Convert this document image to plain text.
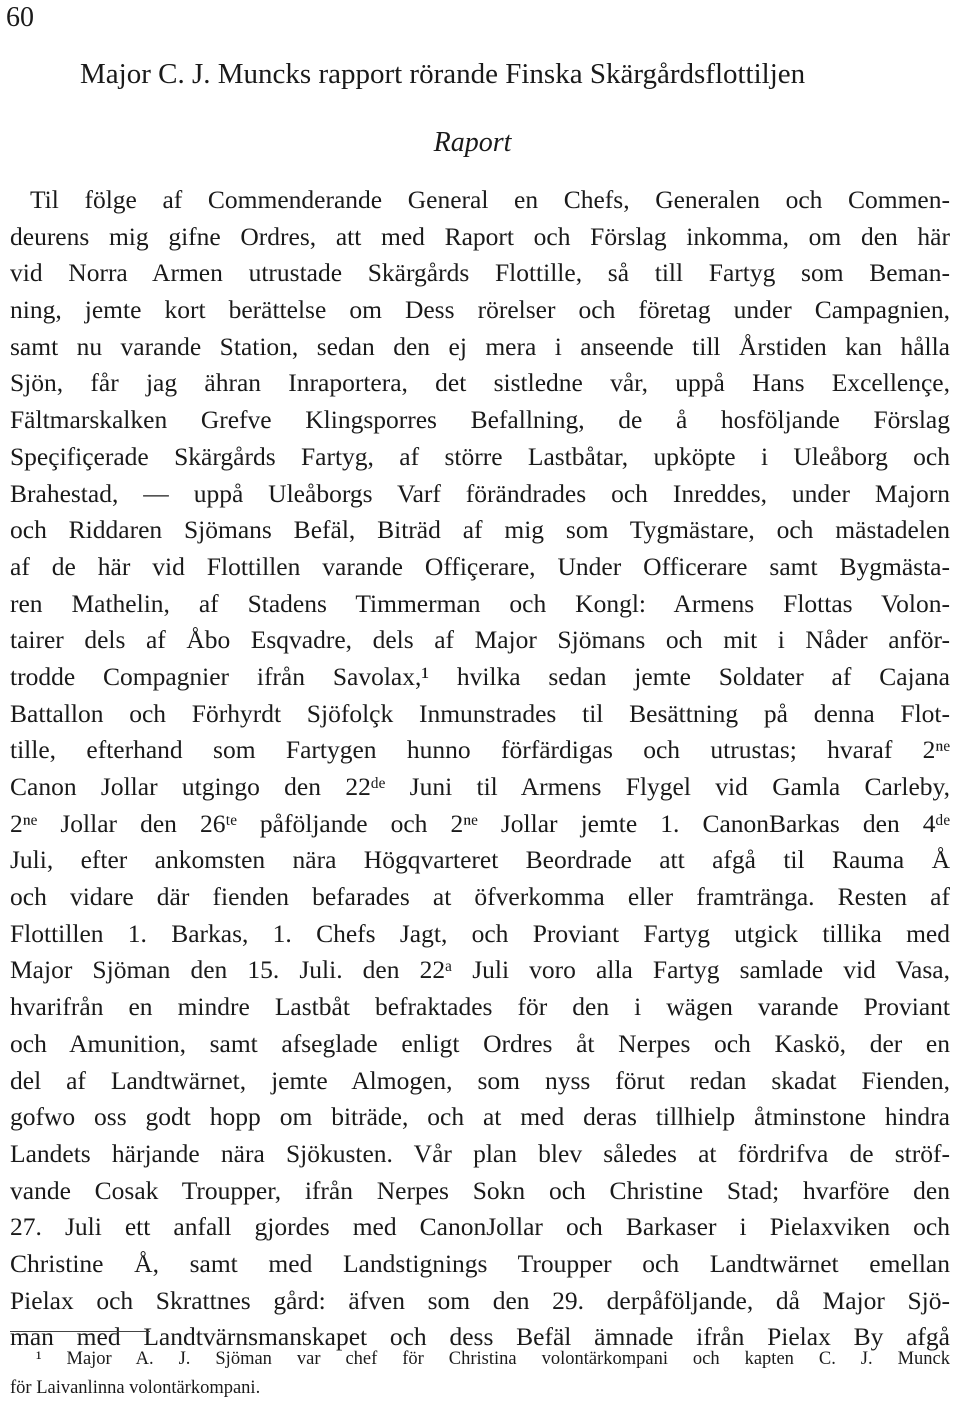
60
Major C. J. Muncks rapport rörande Finska Skärgårdsflottiljen
Raport
Til fölge af Commenderande General en Chefs, Generalen och Commen-
deurens mig gifne Ordres, att med Raport och Förslag inkomma, om den här
vid Norra Armen utrustade Skärgårds Flottille, så till Fartyg som Beman-
ning, jemte kort berättelse om Dess rörelser och företag under Campagnien,
samt nu varande Station, sedan den ej mera i anseende till Årstiden kan hålla
Sjön, får jag ähran Inraportera, det sistledne vår, uppå Hans Excellençe,
Fältmarskalken Grefve Klingsporres Befallning, de å hosföljande Förslag
Speçifiçerade Skärgårds Fartyg, af större Lastbåtar, upköpte i Uleåborg och
Brahestad, — uppå Uleåborgs Varf förändrades och Inreddes, under Majorn
och Riddaren Sjömans Befäl, Biträd af mig som Tygmästare, och mästadelen
af de här vid Flottillen varande Offiçerare, Under Officerare samt Bygmästa-
ren Mathelin, af Stadens Timmerman och Kongl: Armens Flottas Volon-
tairer dels af Åbo Esqvadre, dels af Major Sjömans och mit i Nåder anför-
trodde Compagnier ifrån Savolax,¹ hvilka sedan jemte Soldater af Cajana
Battallon och Förhyrdt Sjöfolçk Inmunstrades til Besättning på denna Flot-
tille, efterhand som Fartygen hunno förfärdigas och utrustas; hvaraf 2ⁿᵉ
Canon Jollar utgingo den 22ᵈᵉ Juni til Armens Flygel vid Gamla Carleby,
2ⁿᵉ Jollar den 26ᵗᵉ påföljande och 2ⁿᵉ Jollar jemte 1. CanonBarkas den 4ᵈᵉ
Juli, efter ankomsten nära Högqvarteret Beordrade att afgå til Rauma Å
och vidare där fienden befarades at öfverkomma eller framtränga. Resten af
Flottillen 1. Barkas, 1. Chefs Jagt, och Proviant Fartyg utgick tillika med
Major Sjöman den 15. Juli. den 22ᵃ Juli voro alla Fartyg samlade vid Vasa,
hvarifrån en mindre Lastbåt befraktades för den i wägen varande Proviant
och Amunition, samt afseglade enligt Ordres åt Nerpes och Kaskö, der en
del af Landtwärnet, jemte Almogen, som nyss förut redan skadat Fienden,
gofwo oss godt hopp om biträde, och at med deras tillhielp åtminstone hindra
Landets härjande nära Sjökusten. Vår plan blev således at fördrifva de ströf-
vande Cosak Troupper, ifrån Nerpes Sokn och Christine Stad; hvarföre den
27. Juli ett anfall gjordes med CanonJollar och Barkaser i Pielaxviken och
Christine Å, samt med Landstignings Troupper och Landtwärnet emellan
Pielax och Skrattnes gård: äfven som den 29. derpåföljande, då Major Sjö-
man med Landtvärnsmanskapet och dess Befäl ämnade ifrån Pielax By afgå
¹ Major A. J. Sjöman var chef för Christina volontärkompani och kapten C. J. Munck
för Laivanlinna volontärkompani.
